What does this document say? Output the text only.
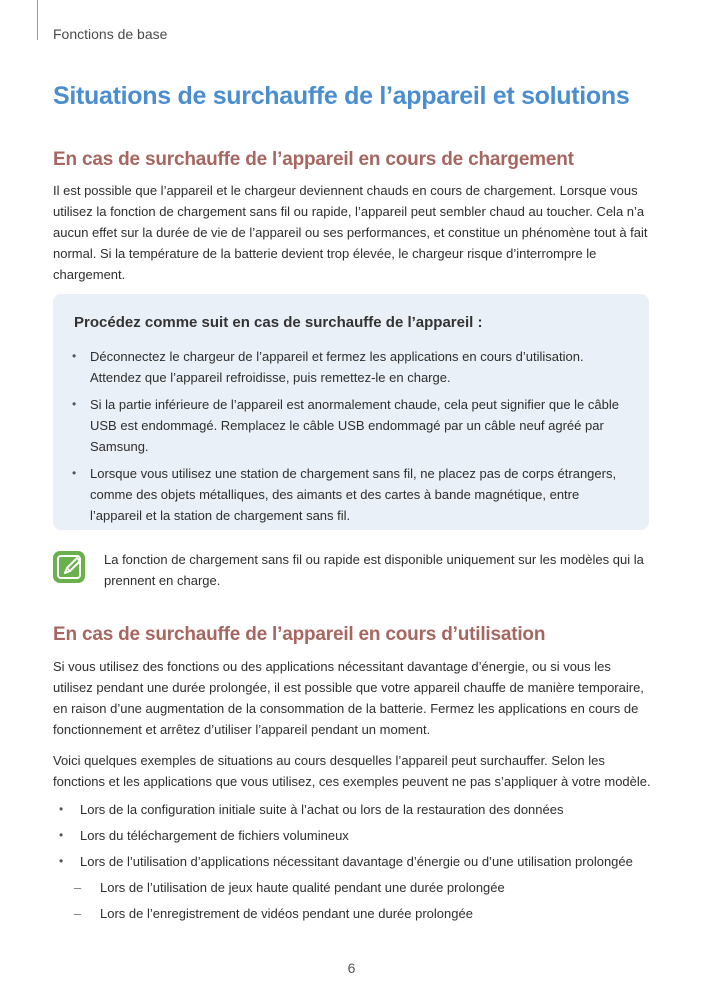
Fonctions de base
Situations de surchauffe de l’appareil et solutions
En cas de surchauffe de l’appareil en cours de chargement

Il est possible que l’appareil et le chargeur deviennent chauds en cours de chargement. Lorsque vous utilisez la fonction de chargement sans fil ou rapide, l’appareil peut sembler chaud au toucher. Cela n’a aucun effet sur la durée de vie de l’appareil ou ses performances, et constitue un phénomène tout à fait normal. Si la température de la batterie devient trop élevée, le chargeur risque d’interrompre le chargement.

Procédez comme suit en cas de surchauffe de l’appareil :

• Déconnectez le chargeur de l’appareil et fermez les applications en cours d’utilisation. Attendez que l’appareil refroidisse, puis remettez-le en charge.
• Si la partie inférieure de l’appareil est anormalement chaude, cela peut signifier que le câble USB est endommagé. Remplacez le câble USB endommagé par un câble neuf agréé par Samsung.
• Lorsque vous utilisez une station de chargement sans fil, ne placez pas de corps étrangers, comme des objets métalliques, des aimants et des cartes à bande magnétique, entre l’appareil et la station de chargement sans fil.

La fonction de chargement sans fil ou rapide est disponible uniquement sur les modèles qui la prennent en charge.

En cas de surchauffe de l’appareil en cours d’utilisation

Si vous utilisez des fonctions ou des applications nécessitant davantage d’énergie, ou si vous les utilisez pendant une durée prolongée, il est possible que votre appareil chauffe de manière temporaire, en raison d’une augmentation de la consommation de la batterie. Fermez les applications en cours de fonctionnement et arrêtez d’utiliser l’appareil pendant un moment.

Voici quelques exemples de situations au cours desquelles l’appareil peut surchauffer. Selon les fonctions et les applications que vous utilisez, ces exemples peuvent ne pas s’appliquer à votre modèle.

• Lors de la configuration initiale suite à l’achat ou lors de la restauration des données
• Lors du téléchargement de fichiers volumineux
• Lors de l’utilisation d’applications nécessitant davantage d’énergie ou d’une utilisation prolongée
– Lors de l’utilisation de jeux haute qualité pendant une durée prolongée
– Lors de l’enregistrement de vidéos pendant une durée prolongée
6
